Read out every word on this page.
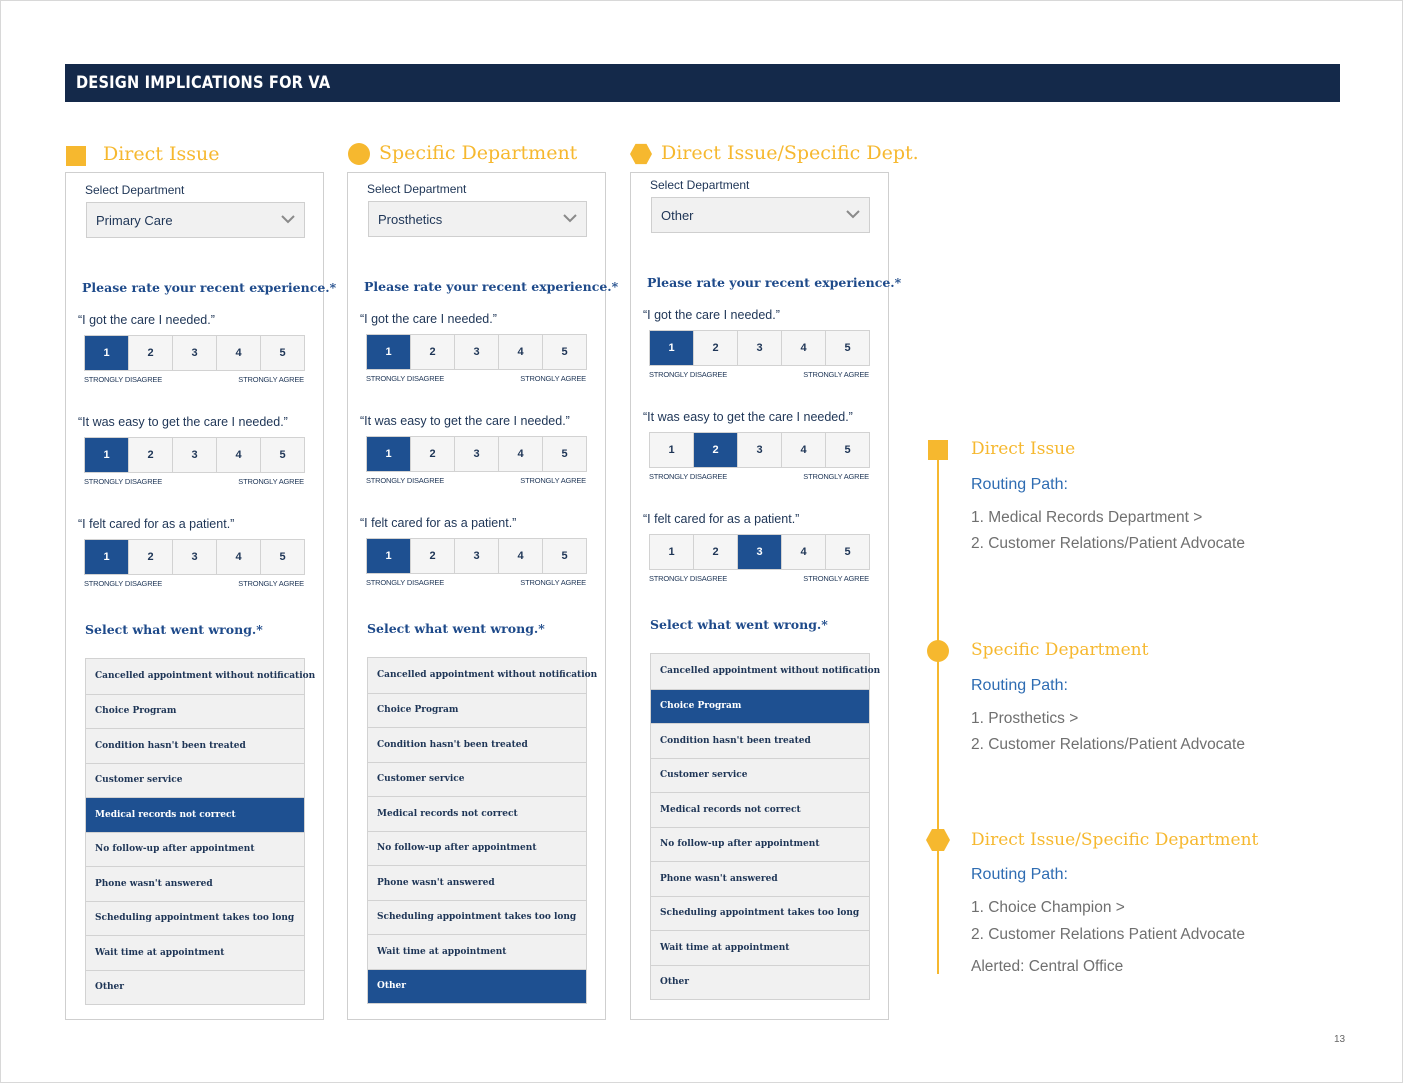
DESIGN IMPLICATIONS FOR VA
Direct Issue	Specific Department	Direct Issue/Specific Dept.
Select Department
Primary Care
Please rate your recent experience.*
“I got the care I needed.”
1	2	3	4	5
STRONGLY DISAGREE	STRONGLY AGREE
“It was easy to get the care I needed.”
1	2	3	4	5
STRONGLY DISAGREE	STRONGLY AGREE
“I felt cared for as a patient.”
1	2	3	4	5
STRONGLY DISAGREE	STRONGLY AGREE
Select what went wrong.*
Cancelled appointment without notification
Choice Program
Condition hasn't been treated
Customer service
Medical records not correct
No follow-up after appointment
Phone wasn't answered
Scheduling appointment takes too long
Wait time at appointment
Other
Select Department
Prosthetics
Please rate your recent experience.*
“I got the care I needed.”
1	2	3	4	5
STRONGLY DISAGREE	STRONGLY AGREE
“It was easy to get the care I needed.”
1	2	3	4	5
STRONGLY DISAGREE	STRONGLY AGREE
“I felt cared for as a patient.”
1	2	3	4	5
STRONGLY DISAGREE	STRONGLY AGREE
Select what went wrong.*
Cancelled appointment without notification
Choice Program
Condition hasn't been treated
Customer service
Medical records not correct
No follow-up after appointment
Phone wasn't answered
Scheduling appointment takes too long
Wait time at appointment
Other
Select Department
Other
Please rate your recent experience.*
“I got the care I needed.”
1	2	3	4	5
STRONGLY DISAGREE	STRONGLY AGREE
“It was easy to get the care I needed.”
1	2	3	4	5
STRONGLY DISAGREE	STRONGLY AGREE
“I felt cared for as a patient.”
1	2	3	4	5
STRONGLY DISAGREE	STRONGLY AGREE
Select what went wrong.*
Cancelled appointment without notification
Choice Program
Condition hasn't been treated
Customer service
Medical records not correct
No follow-up after appointment
Phone wasn't answered
Scheduling appointment takes too long
Wait time at appointment
Other
Direct Issue
Routing Path:
1. Medical Records Department >
2. Customer Relations/Patient Advocate
Specific Department
Routing Path:
1. Prosthetics >
2. Customer Relations/Patient Advocate
Direct Issue/Specific Department
Routing Path:
1. Choice Champion >
2. Customer Relations Patient Advocate
Alerted: Central Office
13
